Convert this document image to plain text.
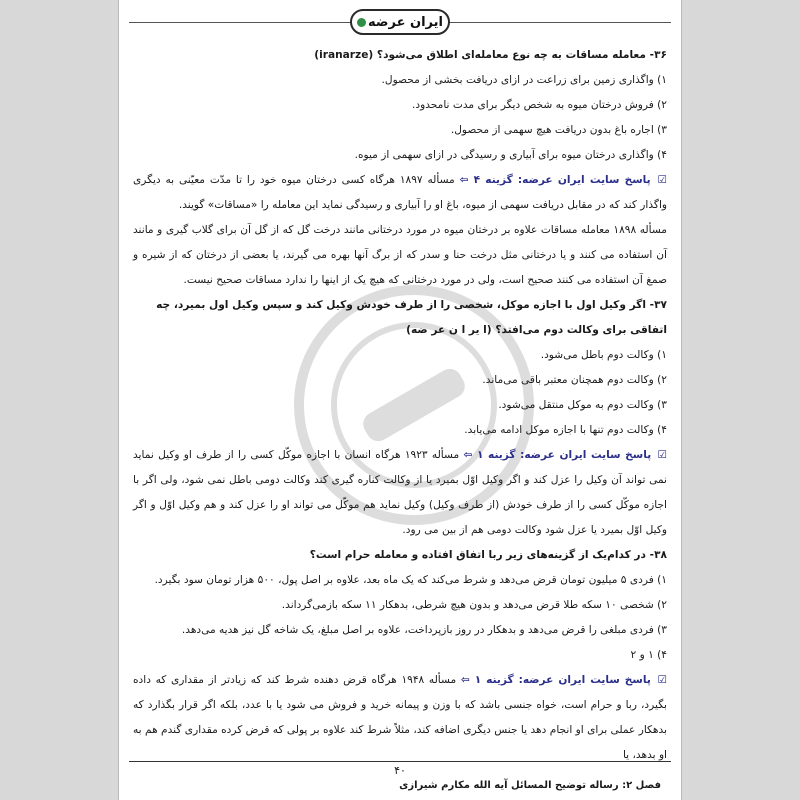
ایران عرضه
۳۶- معامله مساقات به چه نوع معامله‌ای اطلاق می‌شود؟ (iranarze)
۱) واگذاری زمین برای زراعت در ازای دریافت بخشی از محصول.
۲) فروش درختان میوه به شخص دیگر برای مدت نامحدود.
۳) اجاره باغ بدون دریافت هیچ سهمی از محصول.
۴) واگذاری درختان میوه برای آبیاری و رسیدگی در ازای سهمی از میوه.
☑ پاسخ سایت ایران عرضه: گزینه ۴ ⇦ مسأله ۱۸۹۷ هرگاه کسی درختان میوه خود را تا مدّت معیّنی به دیگری واگذار کند که در مقابل دریافت سهمی از میوه، باغ او را آبیاری و رسیدگی نماید این معامله را «مساقات» گویند.
مسأله ۱۸۹۸ معامله مساقات علاوه بر درختان میوه در مورد درختانی مانند درخت گل که از گل آن برای گلاب گیری و مانند آن استفاده می کنند و یا درختانی مثل درخت حنا و سدر که از برگ آنها بهره می گیرند، یا بعضی از درختان که از شیره و صمغ آن استفاده می کنند صحیح است، ولی در مورد درختانی که هیچ یک از اینها را ندارد مساقات صحیح نیست.
۳۷- اگر وکیل اول با اجازه موکل، شخصی را از طرف خودش وکیل کند و سپس وکیل اول بمیرد، چه اتفاقی برای وکالت دوم می‌افتد؟ (ا یر ا ن عر ضه)
۱) وکالت دوم باطل می‌شود.
۲) وکالت دوم همچنان معتبر باقی می‌ماند.
۳) وکالت دوم به موکل منتقل می‌شود.
۴) وکالت دوم تنها با اجازه موکل ادامه می‌یابد.
☑ پاسخ سایت ایران عرضه: گزینه ۱ ⇦ مسأله ۱۹۲۳ هرگاه انسان با اجازه موکّل کسی را از طرف او وکیل نماید نمی تواند آن وکیل را عزل کند و اگر وکیل اوّل بمیرد یا از وکالت کناره گیری کند وکالت دومی باطل نمی شود، ولی اگر با اجازه موکّل کسی را از طرف خودش (از طرف وکیل) وکیل نماید هم موکّل می تواند او را عزل کند و هم وکیل اوّل و اگر وکیل اوّل بمیرد یا عزل شود وکالت دومی هم از بین می رود.
۳۸- در کدام‌یک از گزینه‌های زیر ربا اتفاق افتاده و معامله حرام است؟
۱) فردی ۵ میلیون تومان قرض می‌دهد و شرط می‌کند که یک ماه بعد، علاوه بر اصل پول، ۵۰۰ هزار تومان سود بگیرد.
۲) شخصی ۱۰ سکه طلا قرض می‌دهد و بدون هیچ شرطی، بدهکار ۱۱ سکه بازمی‌گرداند.
۳) فردی مبلغی را قرض می‌دهد و بدهکار در روز بازپرداخت، علاوه بر اصل مبلغ، یک شاخه گل نیز هدیه می‌دهد.
۴) ۱ و ۲
☑ پاسخ سایت ایران عرضه: گزینه ۱ ⇦ مسأله ۱۹۴۸ هرگاه قرض دهنده شرط کند که زیادتر از مقداری که داده بگیرد، ربا و حرام است، خواه جنسی باشد که با وزن و پیمانه خرید و فروش می شود یا با عدد، بلکه اگر قرار بگذارد که بدهکار عملی برای او انجام دهد یا جنس دیگری اضافه کند، مثلاً شرط کند علاوه بر پولی که قرض کرده مقداری گندم هم به او بدهد، یا
۴۰
فصل ۲: رساله توضیح المسائل آیه الله مکارم شیرازی
